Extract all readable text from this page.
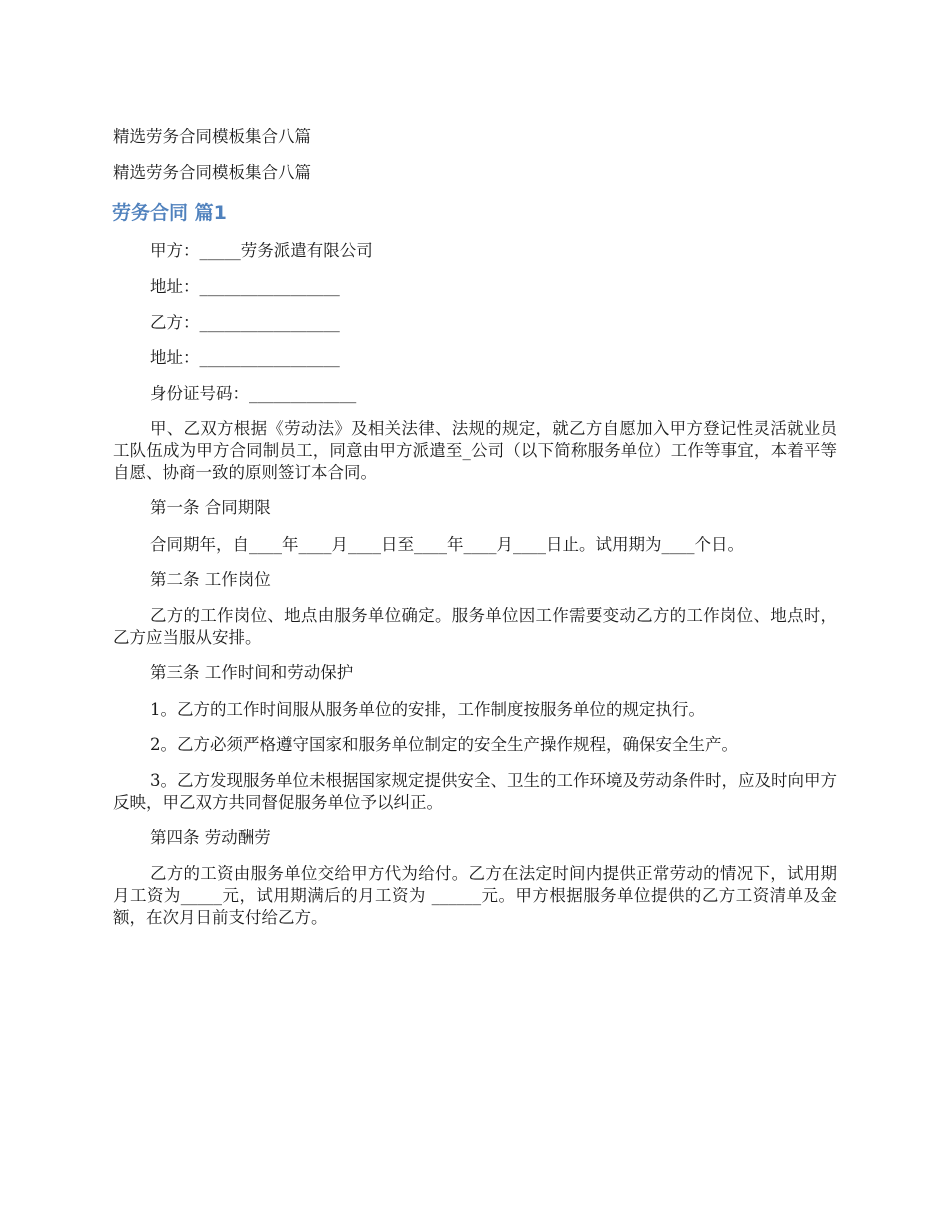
精选劳务合同模板集合八篇
精选劳务合同模板集合八篇
劳务合同 篇1
甲方：_____劳务派遣有限公司
地址：_________________
乙方：_________________
地址：_________________
身份证号码：_____________
甲、乙双方根据《劳动法》及相关法律、法规的规定，就乙方自愿加入甲方登记性灵活就业员工队伍成为甲方合同制员工，同意由甲方派遣至_公司（以下简称服务单位）工作等事宜，本着平等自愿、协商一致的原则签订本合同。
第一条 合同期限
合同期年，自____年____月____日至____年____月____日止。试用期为____个日。
第二条 工作岗位
乙方的工作岗位、地点由服务单位确定。服务单位因工作需要变动乙方的工作岗位、地点时，乙方应当服从安排。
第三条 工作时间和劳动保护
1。乙方的工作时间服从服务单位的安排，工作制度按服务单位的规定执行。
2。乙方必须严格遵守国家和服务单位制定的安全生产操作规程，确保安全生产。
3。乙方发现服务单位未根据国家规定提供安全、卫生的工作环境及劳动条件时，应及时向甲方反映，甲乙双方共同督促服务单位予以纠正。
第四条 劳动酬劳
乙方的工资由服务单位交给甲方代为给付。乙方在法定时间内提供正常劳动的情况下，试用期月工资为_____元，试用期满后的月工资为 ______元。甲方根据服务单位提供的乙方工资清单及金额，在次月日前支付给乙方。
